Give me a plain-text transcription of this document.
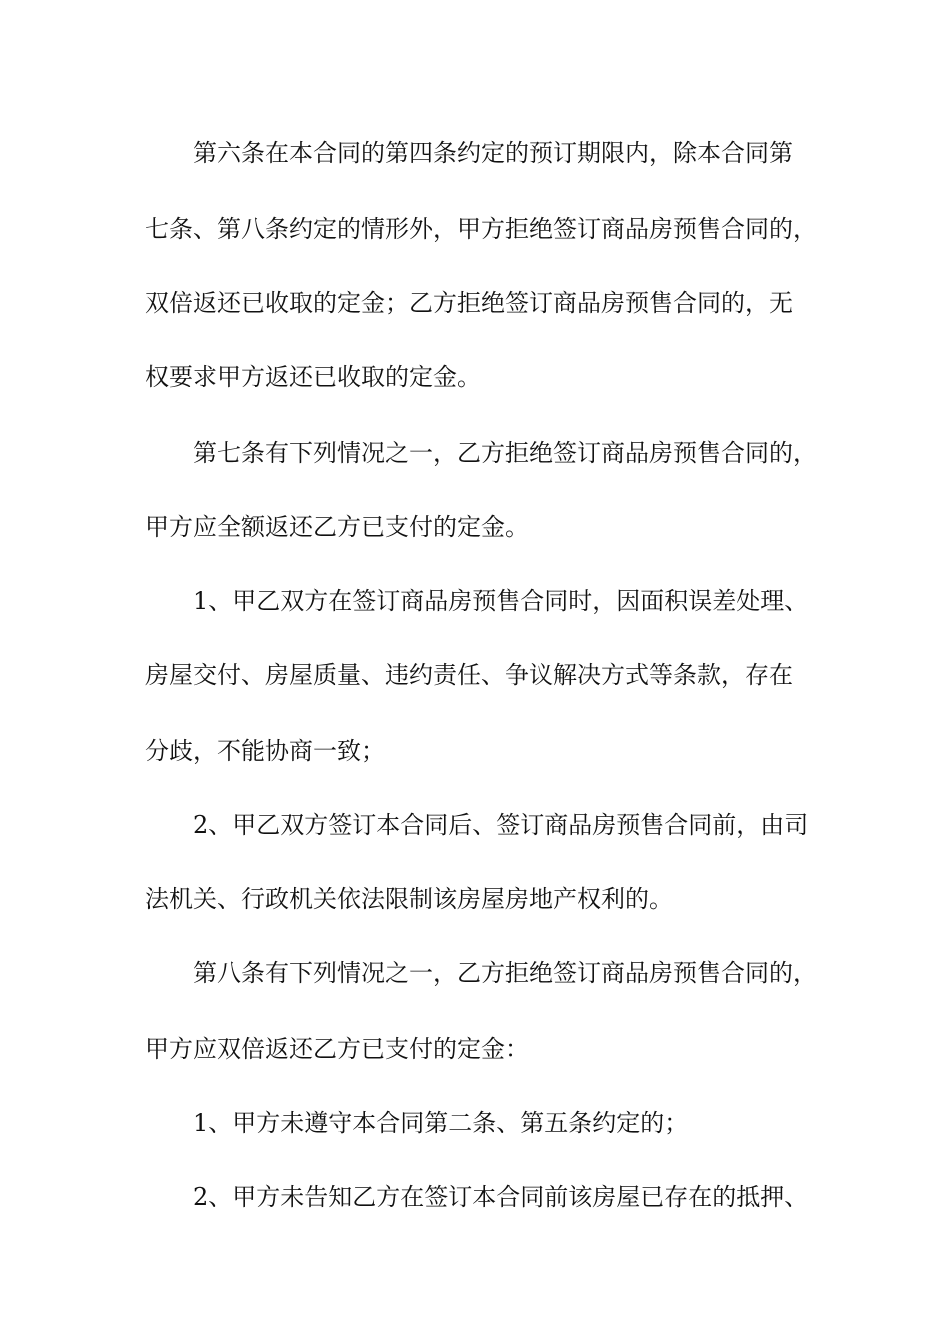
第六条在本合同的第四条约定的预订期限内，除本合同第
七条、第八条约定的情形外，甲方拒绝签订商品房预售合同的，
双倍返还已收取的定金；乙方拒绝签订商品房预售合同的，无
权要求甲方返还已收取的定金。
第七条有下列情况之一，乙方拒绝签订商品房预售合同的，
甲方应全额返还乙方已支付的定金。
1、甲乙双方在签订商品房预售合同时，因面积误差处理、
房屋交付、房屋质量、违约责任、争议解决方式等条款，存在
分歧，不能协商一致；
2、甲乙双方签订本合同后、签订商品房预售合同前，由司
法机关、行政机关依法限制该房屋房地产权利的。
第八条有下列情况之一，乙方拒绝签订商品房预售合同的，
甲方应双倍返还乙方已支付的定金：
1、甲方未遵守本合同第二条、第五条约定的；
2、甲方未告知乙方在签订本合同前该房屋已存在的抵押、
